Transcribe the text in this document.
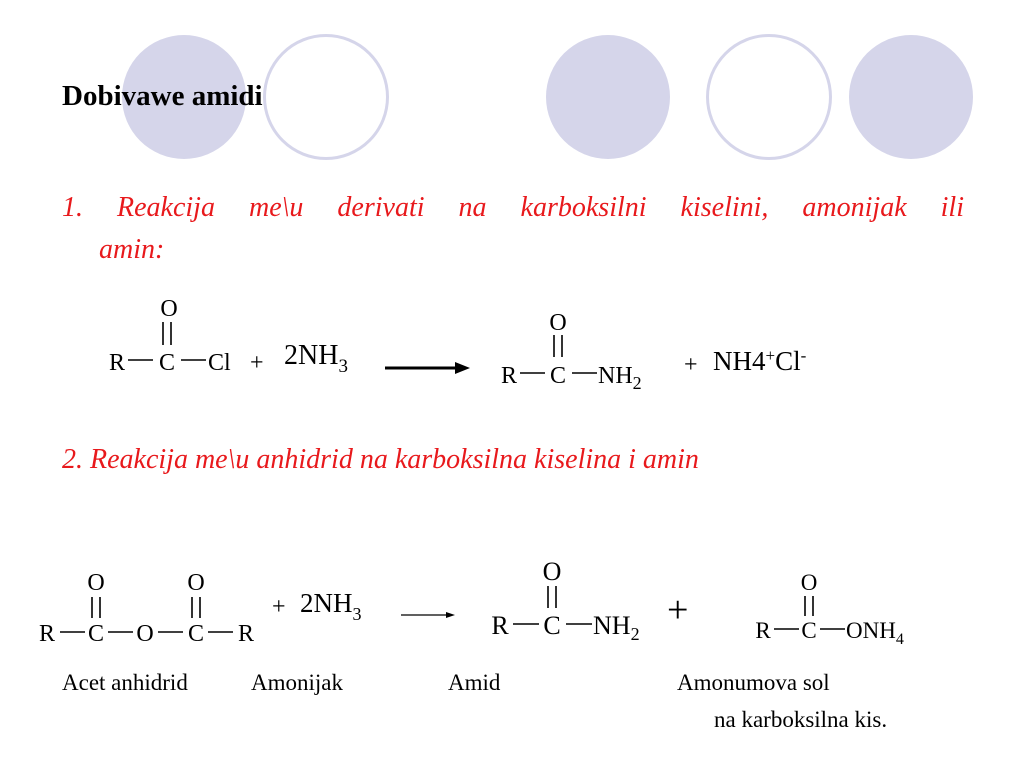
Dobivawe amidi
1. Reakcija me\u derivati na karboksilni kiselini, amonijak ili
amin:
2. Reakcija me\u anhidrid na karboksilna kiselina i amin
O
R C $Cl + 2NH_3$
O
R C $NH_2$
+ NH4+Cl-
O	O
R C O C R
+ $2NH_3$
O
R C $NH_2$
+
O
R C $ONH_4$
Acet anhidrid	Amonijak	Amid	Amonumova sol
na karboksilna kis.
